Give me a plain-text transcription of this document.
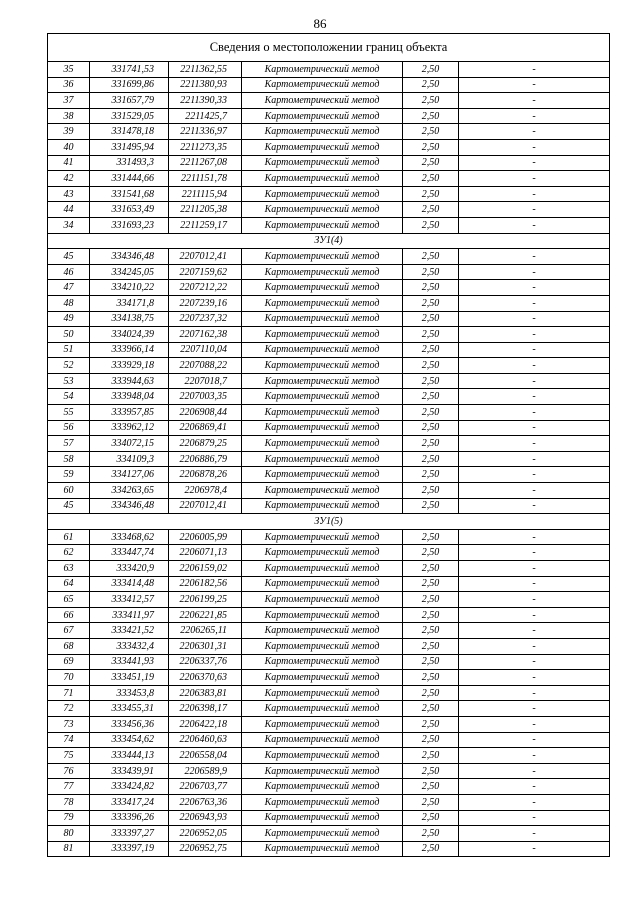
86
Сведения о местоположении границ объекта					
35	331741,53	2211362,55	Картометрический метод	2,50	-
36	331699,86	2211380,93	Картометрический метод	2,50	-
37	331657,79	2211390,33	Картометрический метод	2,50	-
38	331529,05	2211425,7	Картометрический метод	2,50	-
39	331478,18	2211336,97	Картометрический метод	2,50	-
40	331495,94	2211273,35	Картометрический метод	2,50	-
41	331493,3	2211267,08	Картометрический метод	2,50	-
42	331444,66	2211151,78	Картометрический метод	2,50	-
43	331541,68	2211115,94	Картометрический метод	2,50	-
44	331653,49	2211205,38	Картометрический метод	2,50	-
34	331693,23	2211259,17	Картометрический метод	2,50	-
ЗУ1(4)					
45	334346,48	2207012,41	Картометрический метод	2,50	-
46	334245,05	2207159,62	Картометрический метод	2,50	-
47	334210,22	2207212,22	Картометрический метод	2,50	-
48	334171,8	2207239,16	Картометрический метод	2,50	-
49	334138,75	2207237,32	Картометрический метод	2,50	-
50	334024,39	2207162,38	Картометрический метод	2,50	-
51	333966,14	2207110,04	Картометрический метод	2,50	-
52	333929,18	2207088,22	Картометрический метод	2,50	-
53	333944,63	2207018,7	Картометрический метод	2,50	-
54	333948,04	2207003,35	Картометрический метод	2,50	-
55	333957,85	2206908,44	Картометрический метод	2,50	-
56	333962,12	2206869,41	Картометрический метод	2,50	-
57	334072,15	2206879,25	Картометрический метод	2,50	-
58	334109,3	2206886,79	Картометрический метод	2,50	-
59	334127,06	2206878,26	Картометрический метод	2,50	-
60	334263,65	2206978,4	Картометрический метод	2,50	-
45	334346,48	2207012,41	Картометрический метод	2,50	-
ЗУ1(5)					
61	333468,62	2206005,99	Картометрический метод	2,50	-
62	333447,74	2206071,13	Картометрический метод	2,50	-
63	333420,9	2206159,02	Картометрический метод	2,50	-
64	333414,48	2206182,56	Картометрический метод	2,50	-
65	333412,57	2206199,25	Картометрический метод	2,50	-
66	333411,97	2206221,85	Картометрический метод	2,50	-
67	333421,52	2206265,11	Картометрический метод	2,50	-
68	333432,4	2206301,31	Картометрический метод	2,50	-
69	333441,93	2206337,76	Картометрический метод	2,50	-
70	333451,19	2206370,63	Картометрический метод	2,50	-
71	333453,8	2206383,81	Картометрический метод	2,50	-
72	333455,31	2206398,17	Картометрический метод	2,50	-
73	333456,36	2206422,18	Картометрический метод	2,50	-
74	333454,62	2206460,63	Картометрический метод	2,50	-
75	333444,13	2206558,04	Картометрический метод	2,50	-
76	333439,91	2206589,9	Картометрический метод	2,50	-
77	333424,82	2206703,77	Картометрический метод	2,50	-
78	333417,24	2206763,36	Картометрический метод	2,50	-
79	333396,26	2206943,93	Картометрический метод	2,50	-
80	333397,27	2206952,05	Картометрический метод	2,50	-
81	333397,19	2206952,75	Картометрический метод	2,50	-
